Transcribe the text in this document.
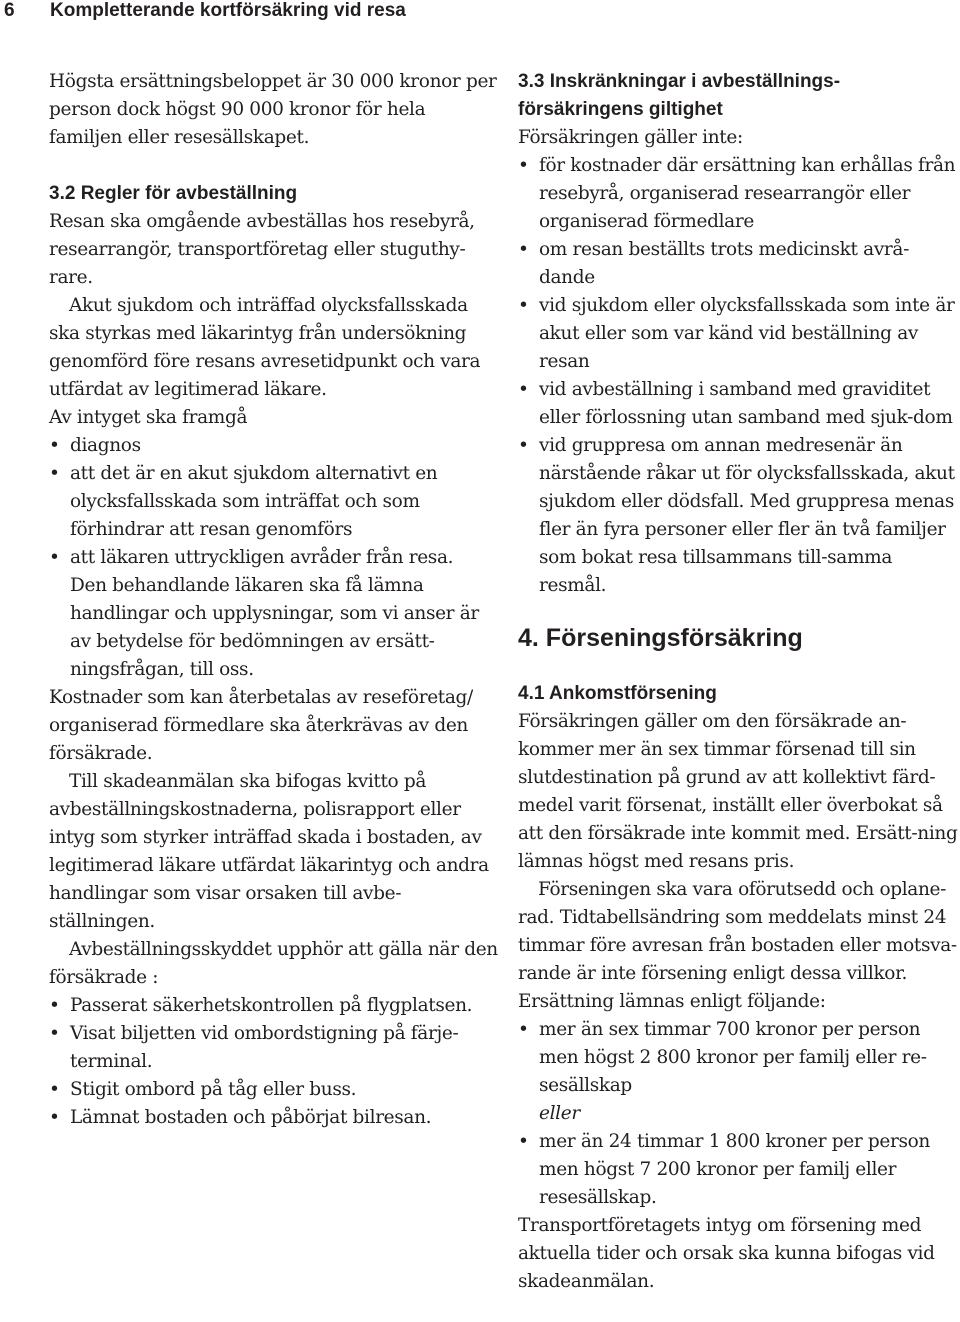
6 Kompletterande kortförsäkring vid resa

Högsta ersättningsbeloppet är 30 000 kronor per person dock högst 90 000 kronor för hela familjen eller resesällskapet.

3.2 Regler för avbeställning

Resan ska omgående avbeställas hos resebyrå, researrangör, transportföretag eller stuguthy-rare.

Akut sjukdom och inträffad olycksfallsskada ska styrkas med läkarintyg från undersökning genomförd före resans avresetidpunkt och vara utfärdat av legitimerad läkare.

Av intyget ska framgå

• diagnos
• att det är en akut sjukdom alternativt en olycksfallsskada som inträffat och som förhindrar att resan genomförs
• att läkaren uttryckligen avråder från resa.

Den behandlande läkaren ska få lämna handlingar och upplysningar, som vi anser är av betydelse för bedömningen av ersätt-ningsfrågan, till oss.

Kostnader som kan återbetalas av reseföretag/ organiserad förmedlare ska återkrävas av den försäkrade.

Till skadeanmälan ska bifogas kvitto på avbeställningskostnaderna, polisrapport eller intyg som styrker inträffad skada i bostaden, av legitimerad läkare utfärdat läkarintyg och andra handlingar som visar orsaken till avbe-ställningen.

Avbeställningsskyddet upphör att gälla när den försäkrade :

• Passerat säkerhetskontrollen på flygplatsen.
• Visat biljetten vid ombordstigning på färje-terminal.
• Stigit ombord på tåg eller buss.
• Lämnat bostaden och påbörjat bilresan.
3.3 Inskränkningar i avbeställnings-försäkringens giltighet

Försäkringen gäller inte:

• för kostnader där ersättning kan erhållas från resebyrå, organiserad researrangör eller organiserad förmedlare
• om resan beställts trots medicinskt avrå-dande
• vid sjukdom eller olycksfallsskada som inte är akut eller som var känd vid beställning av resan
• vid avbeställning i samband med graviditet eller förlossning utan samband med sjuk-dom
• vid gruppresa om annan medresenär än närstående råkar ut för olycksfallsskada, akut sjukdom eller dödsfall. Med gruppresa menas fler än fyra personer eller fler än två familjer som bokat resa tillsammans till-samma resmål.
4. Förseningsförsäkring
4.1 Ankomstförsening

Försäkringen gäller om den försäkrade an-kommer mer än sex timmar försenad till sin slutdestination på grund av att kollektivt färd-medel varit försenat, inställt eller överbokat så att den försäkrade inte kommit med. Ersätt-ning lämnas högst med resans pris.

Förseningen ska vara oförutsedd och oplane-rad. Tidtabellsändring som meddelats minst 24 timmar före avresan från bostaden eller motsva-rande är inte försening enligt dessa villkor.

Ersättning lämnas enligt följande:

• mer än sex timmar 700 kronor per person men högst 2 800 kronor per familj eller re-sesällskap
eller
• mer än 24 timmar 1 800 kroner per person men högst 7 200 kronor per familj eller resesällskap.

Transportföretagets intyg om försening med aktuella tider och orsak ska kunna bifogas vid skadeanmälan.
